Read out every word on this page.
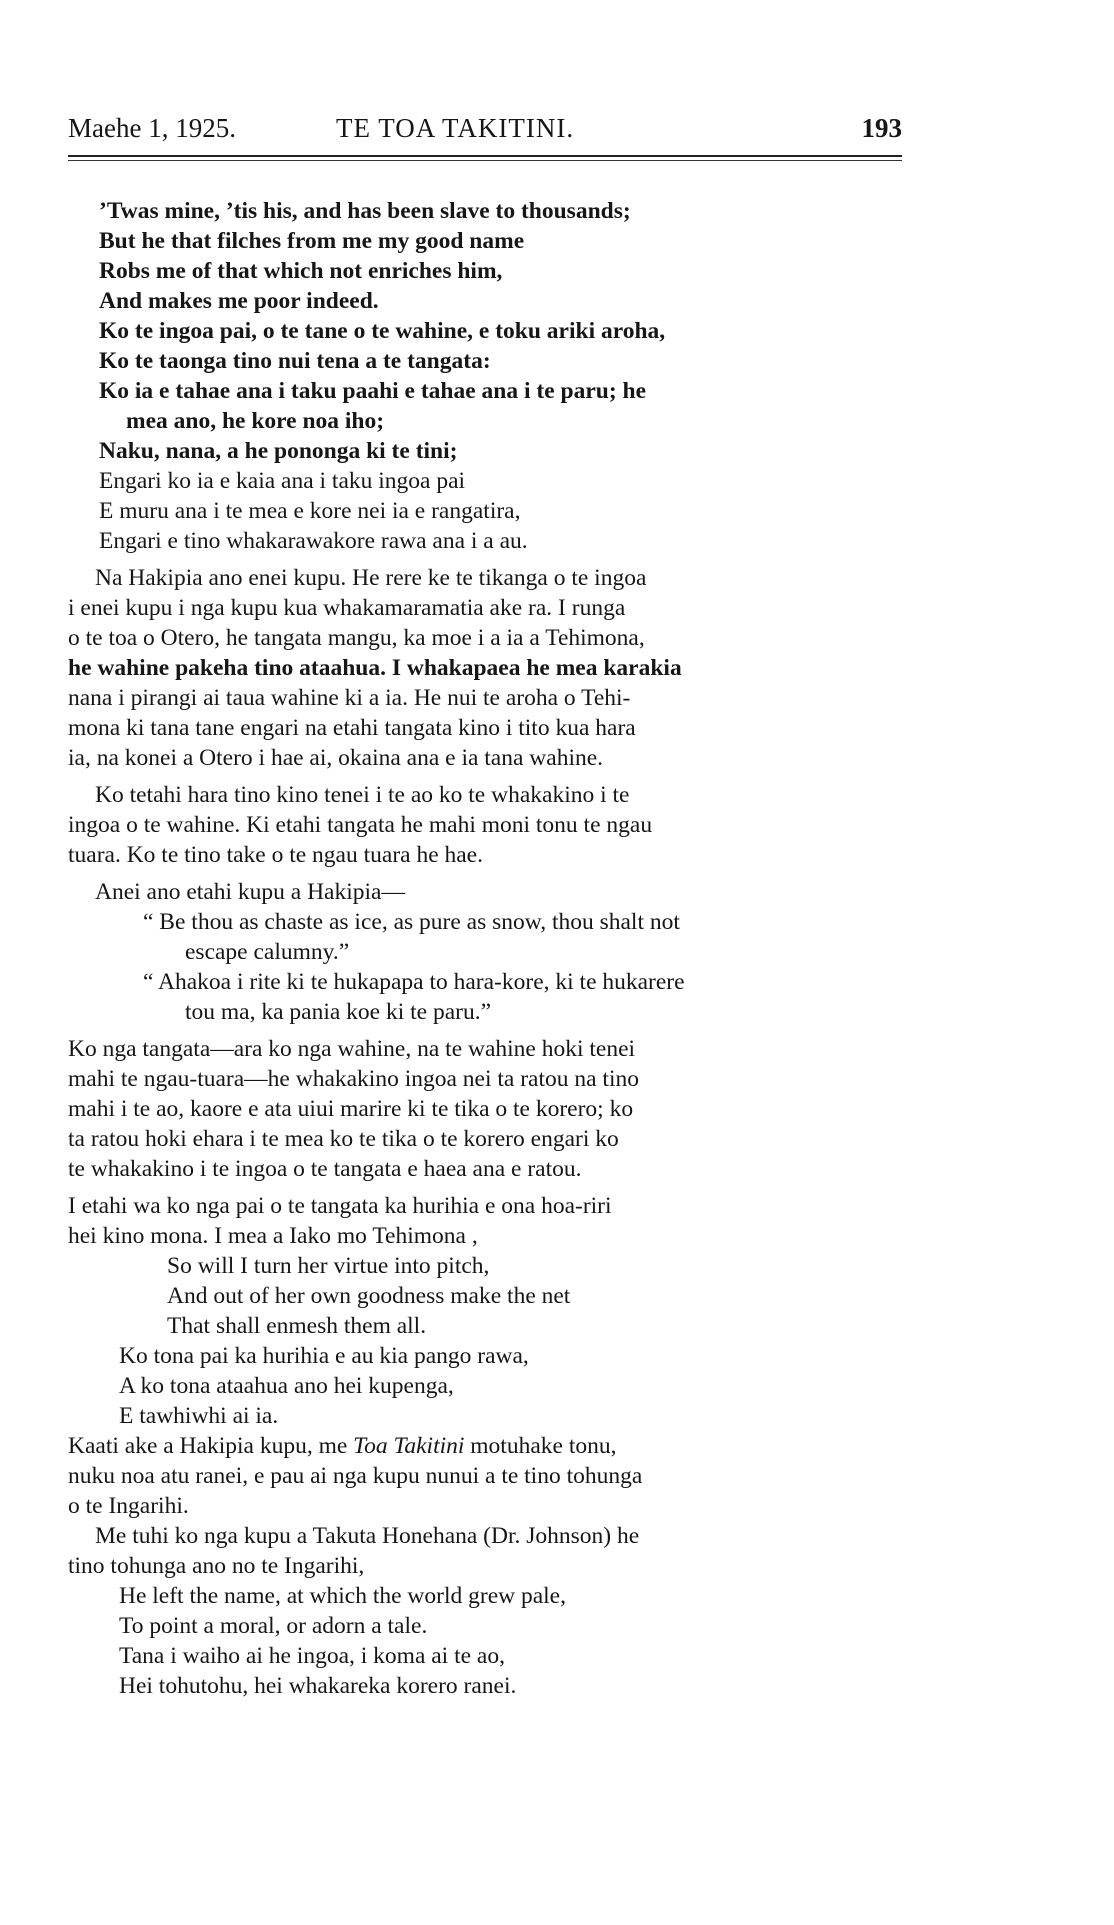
Maehe 1, 1925.	TE TOA TAKITINI.	193
’Twas mine, ’tis his, and has been slave to thousands;
But he that filches from me my good name
Robs me of that which not enriches him,
And makes me poor indeed.
Ko te ingoa pai, o te tane o te wahine, e toku ariki aroha,
Ko te taonga tino nui tena a te tangata:
Ko ia e tahae ana i taku paahi e tahae ana i te paru; he
mea ano, he kore noa iho;
Naku, nana, a he pononga ki te tini;
Engari ko ia e kaia ana i taku ingoa pai
E muru ana i te mea e kore nei ia e rangatira,
Engari e tino whakarawakore rawa ana i a au.
Na Hakipia ano enei kupu. He rere ke te tikanga o te ingoa
i enei kupu i nga kupu kua whakamaramatia ake ra. I runga
o te toa o Otero, he tangata mangu, ka moe i a ia a Tehimona,
he wahine pakeha tino ataahua. I whakapaea he mea karakia
nana i pirangi ai taua wahine ki a ia. He nui te aroha o Tehi-
mona ki tana tane engari na etahi tangata kino i tito kua hara
ia, na konei a Otero i hae ai, okaina ana e ia tana wahine.
Ko tetahi hara tino kino tenei i te ao ko te whakakino i te
ingoa o te wahine. Ki etahi tangata he mahi moni tonu te ngau
tuara. Ko te tino take o te ngau tuara he hae.
Anei ano etahi kupu a Hakipia—
“ Be thou as chaste as ice, as pure as snow, thou shalt not
escape calumny.”
“ Ahakoa i rite ki te hukapapa to hara-kore, ki te hukarere
tou ma, ka pania koe ki te paru.”
Ko nga tangata—ara ko nga wahine, na te wahine hoki tenei
mahi te ngau-tuara—he whakakino ingoa nei ta ratou na tino
mahi i te ao, kaore e ata uiui marire ki te tika o te korero; ko
ta ratou hoki ehara i te mea ko te tika o te korero engari ko
te whakakino i te ingoa o te tangata e haea ana e ratou.
I etahi wa ko nga pai o te tangata ka hurihia e ona hoa-riri
hei kino mona. I mea a Iako mo Tehimona ,
So will I turn her virtue into pitch,
And out of her own goodness make the net
That shall enmesh them all.
Ko tona pai ka hurihia e au kia pango rawa,
A ko tona ataahua ano hei kupenga,
E tawhiwhi ai ia.
Kaati ake a Hakipia kupu, me Toa Takitini motuhake tonu,
nuku noa atu ranei, e pau ai nga kupu nunui a te tino tohunga
o te Ingarihi.
Me tuhi ko nga kupu a Takuta Honehana (Dr. Johnson) he
tino tohunga ano no te Ingarihi,
He left the name, at which the world grew pale,
To point a moral, or adorn a tale.
Tana i waiho ai he ingoa, i koma ai te ao,
Hei tohutohu, hei whakareka korero ranei.
